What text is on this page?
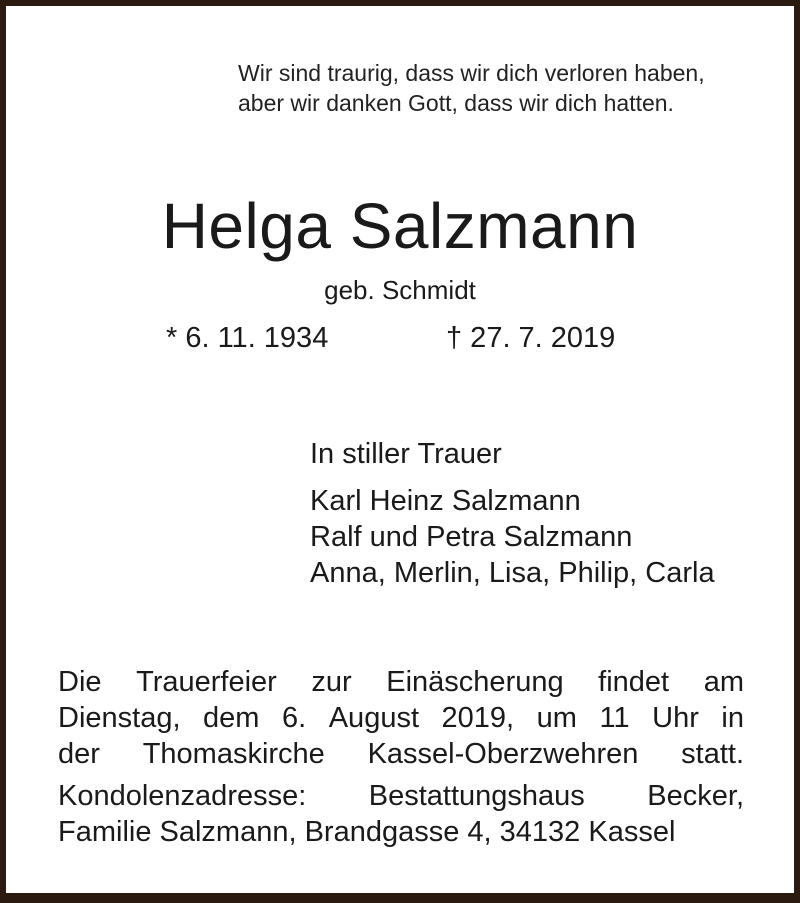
Wir sind traurig, dass wir dich verloren haben,
aber wir danken Gott, dass wir dich hatten.
Helga Salzmann
geb. Schmidt
* 6. 11. 1934	† 27. 7. 2019
In stiller Trauer
Karl Heinz Salzmann
Ralf und Petra Salzmann
Anna, Merlin, Lisa, Philip, Carla
Die Trauerfeier zur Einäscherung findet am
Dienstag, dem 6. August 2019, um 11 Uhr in
der Thomaskirche Kassel-Oberzwehren statt.
Kondolenzadresse: Bestattungshaus Becker,
Familie Salzmann, Brandgasse 4, 34132 Kassel
